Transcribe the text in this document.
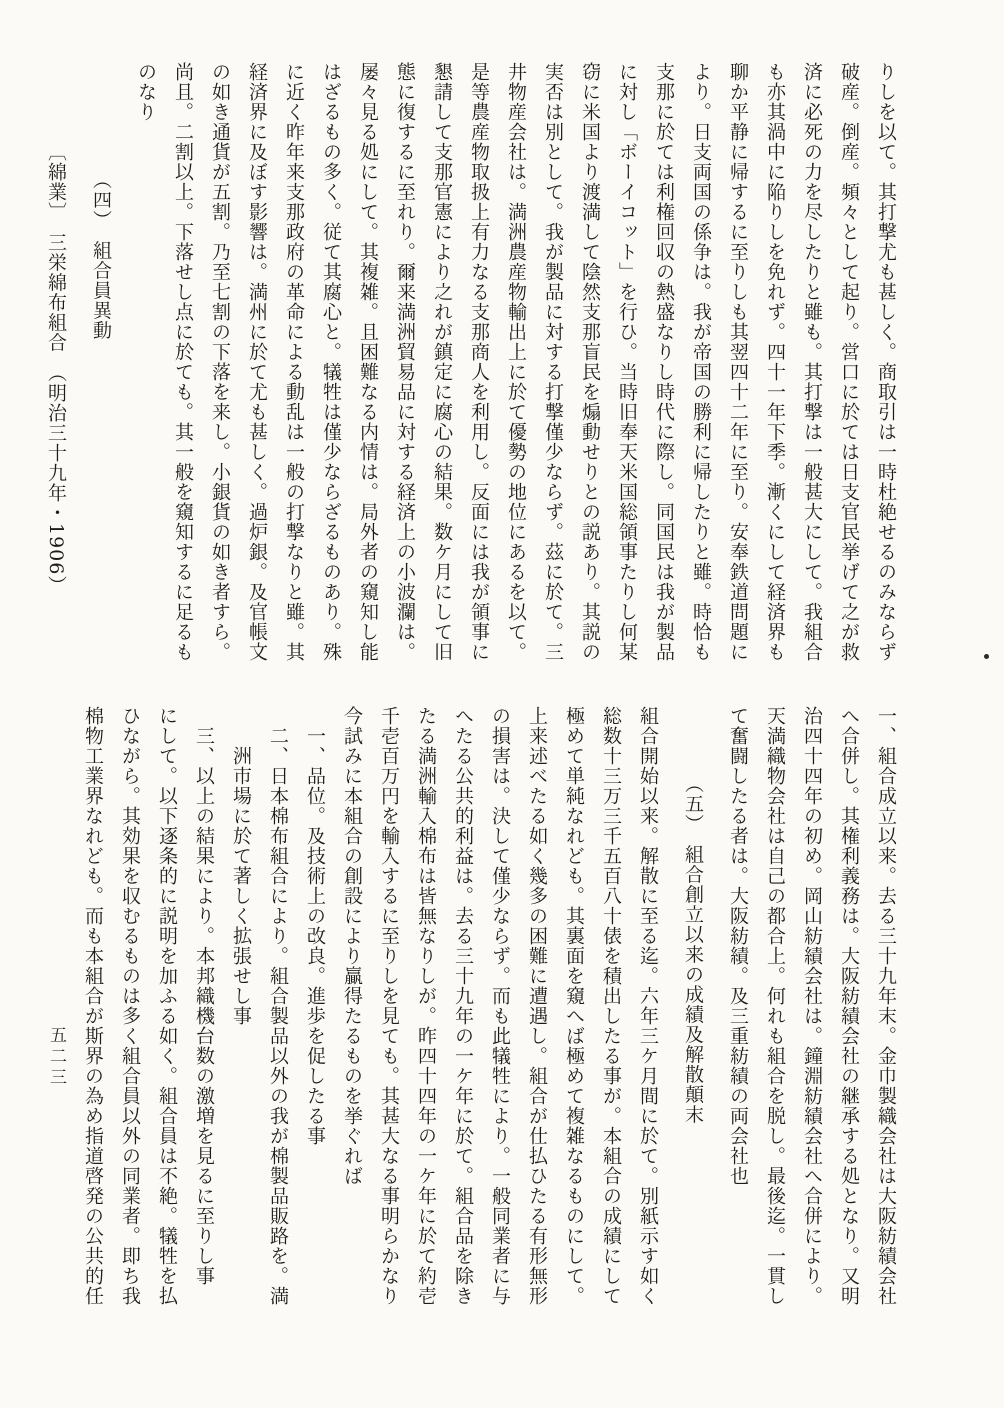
りしを以て。其打撃尤も甚しく。商取引は一時杜絶せるのみならず
破産。倒産。頻々として起り。営口に於ては日支官民挙げて之が救
済に必死の力を尽したりと雖も。其打撃は一般甚大にして。我組合
も亦其渦中に陥りしを免れず。四十一年下季。漸くにして経済界も
聊か平静に帰するに至りしも其翌四十二年に至り。安奉鉄道問題に
より。日支両国の係争は。我が帝国の勝利に帰したりと雖。時恰も
支那に於ては利権回収の熱盛なりし時代に際し。同国民は我が製品
に対し「ボーイコット」を行ひ。当時旧奉天米国総領事たりし何某
窃に米国より渡満して陰然支那盲民を煽動せりとの説あり。其説の
実否は別として。我が製品に対する打撃僅少ならず。茲に於て。三
井物産会社は。満洲農産物輸出上に於て優勢の地位にあるを以て。
是等農産物取扱上有力なる支那商人を利用し。反面には我が領事に
懇請して支那官憲により之れが鎮定に腐心の結果。数ケ月にして旧
態に復するに至れり。爾来満洲貿易品に対する経済上の小波瀾は。
屡々見る処にして。其複雑。且困難なる内情は。局外者の窺知し能
はざるもの多く。従て其腐心と。犠牲は僅少ならざるものあり。殊
に近く昨年来支那政府の革命による動乱は一般の打撃なりと雖。其
経済界に及ぼす影響は。満州に於て尤も甚しく。過炉銀。及官帳文
の如き通貨が五割。乃至七割の下落を来し。小銀貨の如き者すら。
尚且。二割以上。下落せし点に於ても。其一般を窺知するに足るも
のなり
（四）　組合員異動
〔綿業〕　三栄綿布組合　（明治三十九年・1906）
一、組合成立以来。去る三十九年末。金巾製織会社は大阪紡績会社
へ合併し。其権利義務は。大阪紡績会社の継承する処となり。又明
治四十四年の初め。岡山紡績会社は。鐘淵紡績会社へ合併により。
天満織物会社は自己の都合上。何れも組合を脱し。最後迄。一貫し
て奮闘したる者は。大阪紡績。及三重紡績の両会社也
（五）　組合創立以来の成績及解散顛末
組合開始以来。解散に至る迄。六年三ケ月間に於て。別紙示す如く
総数十三万三千五百八十俵を積出したる事が。本組合の成績にして
極めて単純なれども。其裏面を窺へば極めて複雑なるものにして。
上来述べたる如く幾多の困難に遭遇し。組合が仕払ひたる有形無形
の損害は。決して僅少ならず。而も此犠牲により。一般同業者に与
へたる公共的利益は。去る三十九年の一ケ年に於て。組合品を除き
たる満洲輸入棉布は皆無なりしが。昨四十四年の一ケ年に於て約壱
千壱百万円を輸入するに至りしを見ても。其甚大なる事明らかなり
今試みに本組合の創設により贏得たるものを挙ぐれば
一、品位。及技術上の改良。進歩を促したる事
二、日本棉布組合により。組合製品以外の我が棉製品販路を。満
洲市場に於て著しく拡張せし事
三、以上の結果により。本邦織機台数の激増を見るに至りし事
にして。以下逐条的に説明を加ふる如く。組合員は不絶。犠牲を払
ひながら。其効果を収むるものは多く組合員以外の同業者。即ち我
棉物工業界なれども。而も本組合が斯界の為め指道啓発の公共的任
五二三
